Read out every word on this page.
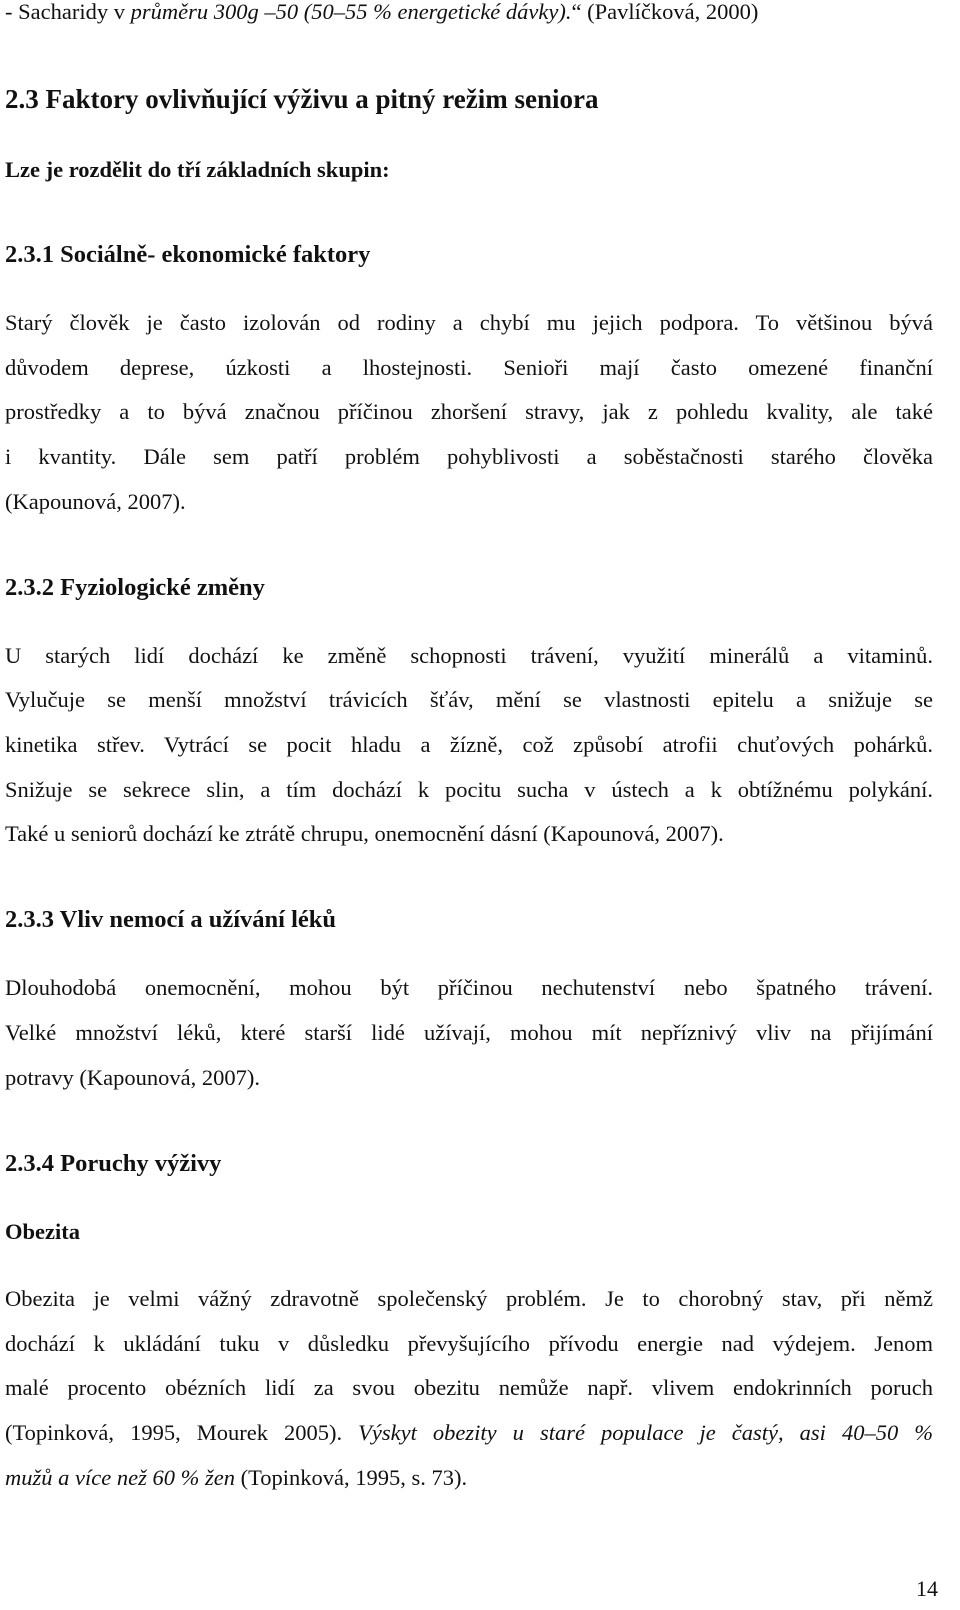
- Sacharidy v průměru 300g –50 (50–55 % energetické dávky).“ (Pavlíčková, 2000)
2.3 Faktory ovlivňující výživu a pitný režim seniora
Lze je rozdělit do tří základních skupin:
2.3.1 Sociálně- ekonomické faktory
Starý člověk je často izolován od rodiny a chybí mu jejich podpora. To většinou bývá
důvodem deprese, úzkosti a lhostejnosti. Senioři mají často omezené finanční
prostředky a to bývá značnou příčinou zhoršení stravy, jak z pohledu kvality, ale také
i kvantity. Dále sem patří problém pohyblivosti a soběstačnosti starého člověka
(Kapounová, 2007).
2.3.2 Fyziologické změny
U starých lidí dochází ke změně schopnosti trávení, využití minerálů a vitaminů.
Vylučuje se menší množství trávicích šťáv, mění se vlastnosti epitelu a snižuje se
kinetika střev. Vytrácí se pocit hladu a žízně, což způsobí atrofii chuťových pohárků.
Snižuje se sekrece slin, a tím dochází k pocitu sucha v ústech a k obtížnému polykání.
Také u seniorů dochází ke ztrátě chrupu, onemocnění dásní (Kapounová, 2007).
2.3.3 Vliv nemocí a užívání léků
Dlouhodobá onemocnění, mohou být příčinou nechutenství nebo špatného trávení.
Velké množství léků, které starší lidé užívají, mohou mít nepříznivý vliv na přijímání
potravy (Kapounová, 2007).
2.3.4 Poruchy výživy
Obezita
Obezita je velmi vážný zdravotně společenský problém. Je to chorobný stav, při němž
dochází k ukládání tuku v důsledku převyšujícího přívodu energie nad výdejem. Jenom
malé procento obézních lidí za svou obezitu nemůže např. vlivem endokrinních poruch
(Topinková, 1995, Mourek 2005). Výskyt obezity u staré populace je častý, asi 40–50 %
mužů a více než 60 % žen (Topinková, 1995, s. 73).
14
